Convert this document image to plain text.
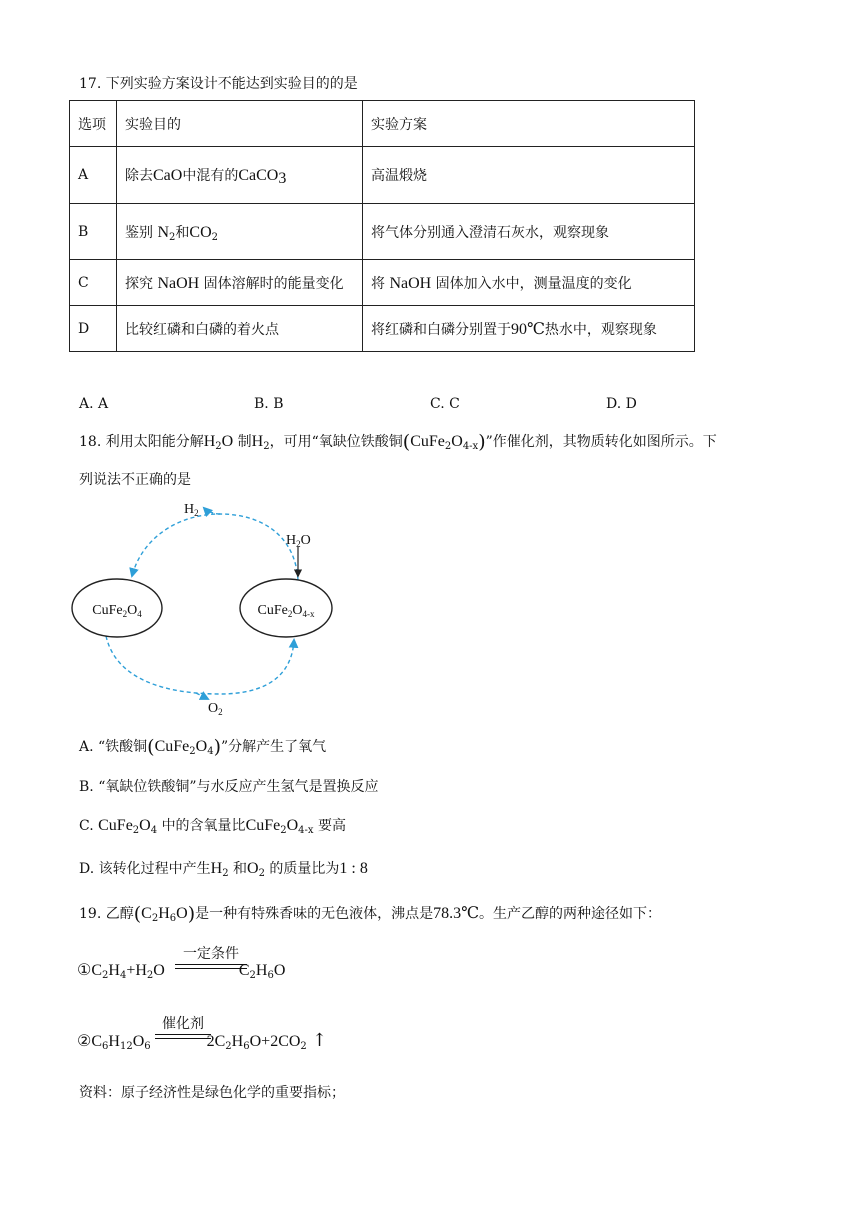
17. 下列实验方案设计不能达到实验目的的是
选项	实验目的	实验方案
A	除去CaO中混有的CaCO$_3$	高温煅烧
B	鉴别 $N_2$和$CO_2$	将气体分别通入澄清石灰水，观察现象
C	探究 NaOH 固体溶解时的能量变化	将 NaOH 固体加入水中，测量温度的变化
D	比较红磷和白磷的着火点	将红磷和白磷分别置于90℃热水中，观察现象
A. A	B. B	C. C	D. D
18. 利用太阳能分解$H_2O$ 制$H_2$，可用“氧缺位铁酸铜$(CuFe_2O_{4-x})$”作催化剂，其物质转化如图所示。下
列说法不正确的是
$CuFe_2O_4$	$CuFe_2O_{4-x}$
$H_2$
$H_2O$
$O_2$
A. “铁酸铜$(CuFe_2O_4)$”分解产生了氧气
B. “氧缺位铁酸铜”与水反应产生氢气是置换反应
C. $CuFe_2O_4$ 中的含氧量比$CuFe_2O_{4-x}$ 要高
D. 该转化过程中产生$H_2$ 和$O_2$ 的质量比为1 : 8
19. 乙醇$(C_2H_6O)$是一种有特殊香味的无色液体，沸点是78.3℃。生产乙醇的两种途径如下：
$①C_2H_4+H_2O$	$C_2H_6O$
一定条件
$②C_6H_{12}O_6$	$2C_2H_6O+2CO_2$ ↑
催化剂
资料：原子经济性是绿色化学的重要指标；
